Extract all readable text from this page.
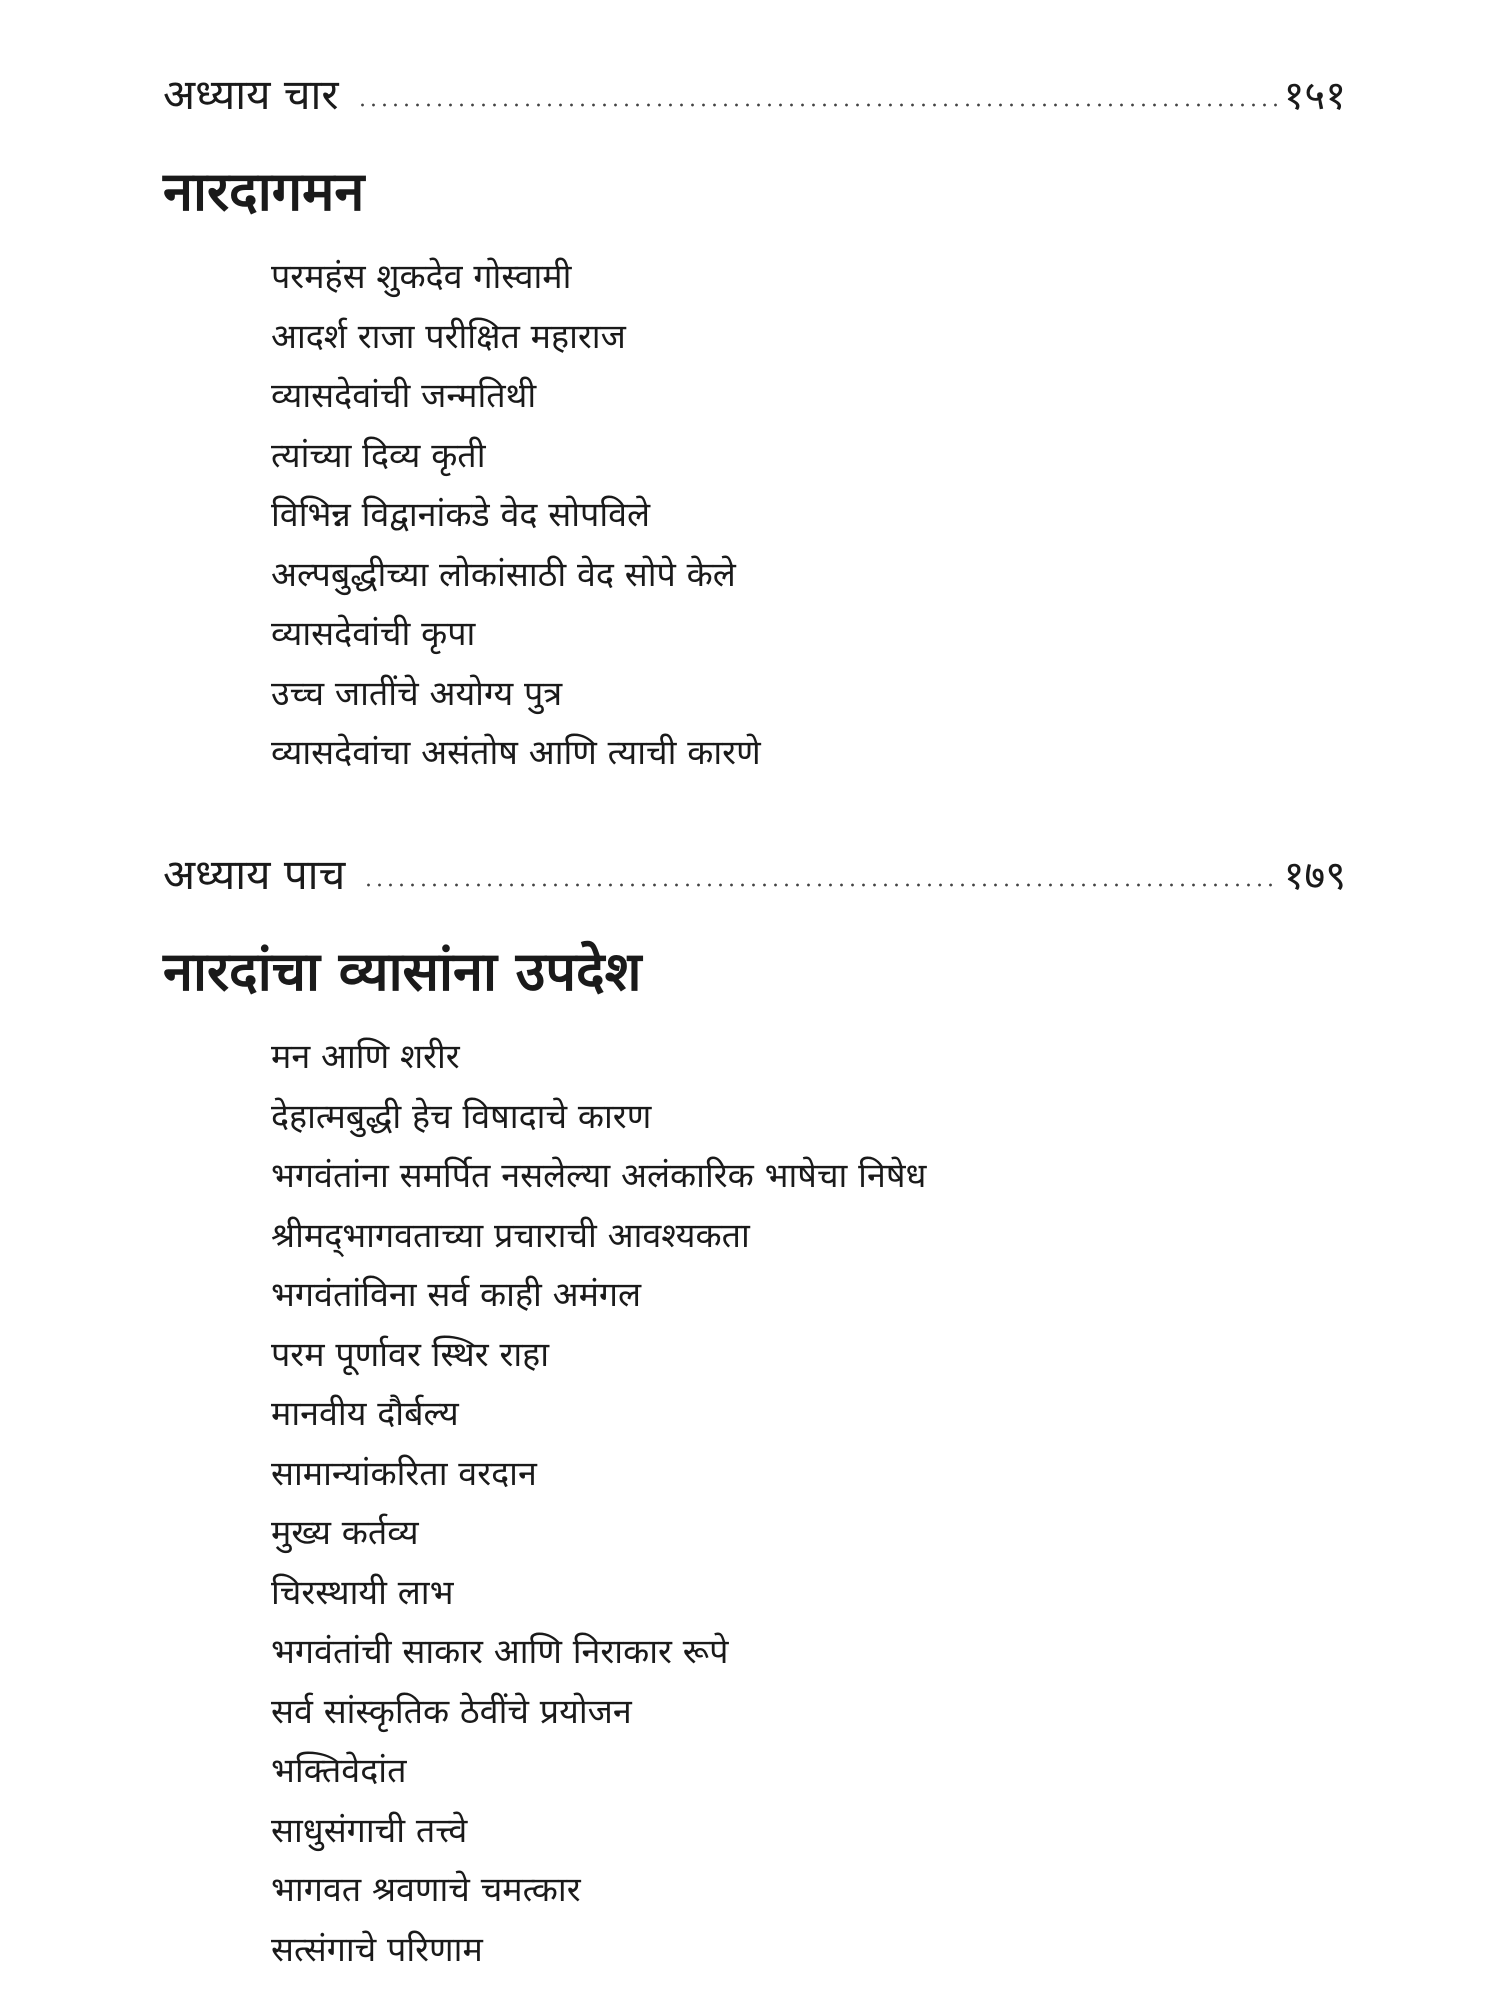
अध्याय चार	१५१
नारदागमन
परमहंस शुकदेव गोस्वामी
आदर्श राजा परीक्षित महाराज
व्यासदेवांची जन्मतिथी
त्यांच्या दिव्य कृती
विभिन्न विद्वानांकडे वेद सोपविले
अल्पबुद्धीच्या लोकांसाठी वेद सोपे केले
व्यासदेवांची कृपा
उच्च जातींचे अयोग्य पुत्र
व्यासदेवांचा असंतोष आणि त्याची कारणे
अध्याय पाच	१७९
नारदांचा व्यासांना उपदेश
मन आणि शरीर
देहात्मबुद्धी हेच विषादाचे कारण
भगवंतांना समर्पित नसलेल्या अलंकारिक भाषेचा निषेध
श्रीमद्‌भागवताच्या प्रचाराची आवश्यकता
भगवंतांविना सर्व काही अमंगल
परम पूर्णावर स्थिर राहा
मानवीय दौर्बल्य
सामान्यांकरिता वरदान
मुख्य कर्तव्य
चिरस्थायी लाभ
भगवंतांची साकार आणि निराकार रूपे
सर्व सांस्कृतिक ठेवींचे प्रयोजन
भक्तिवेदांत
साधुसंगाची तत्त्वे
भागवत श्रवणाचे चमत्कार
सत्संगाचे परिणाम
